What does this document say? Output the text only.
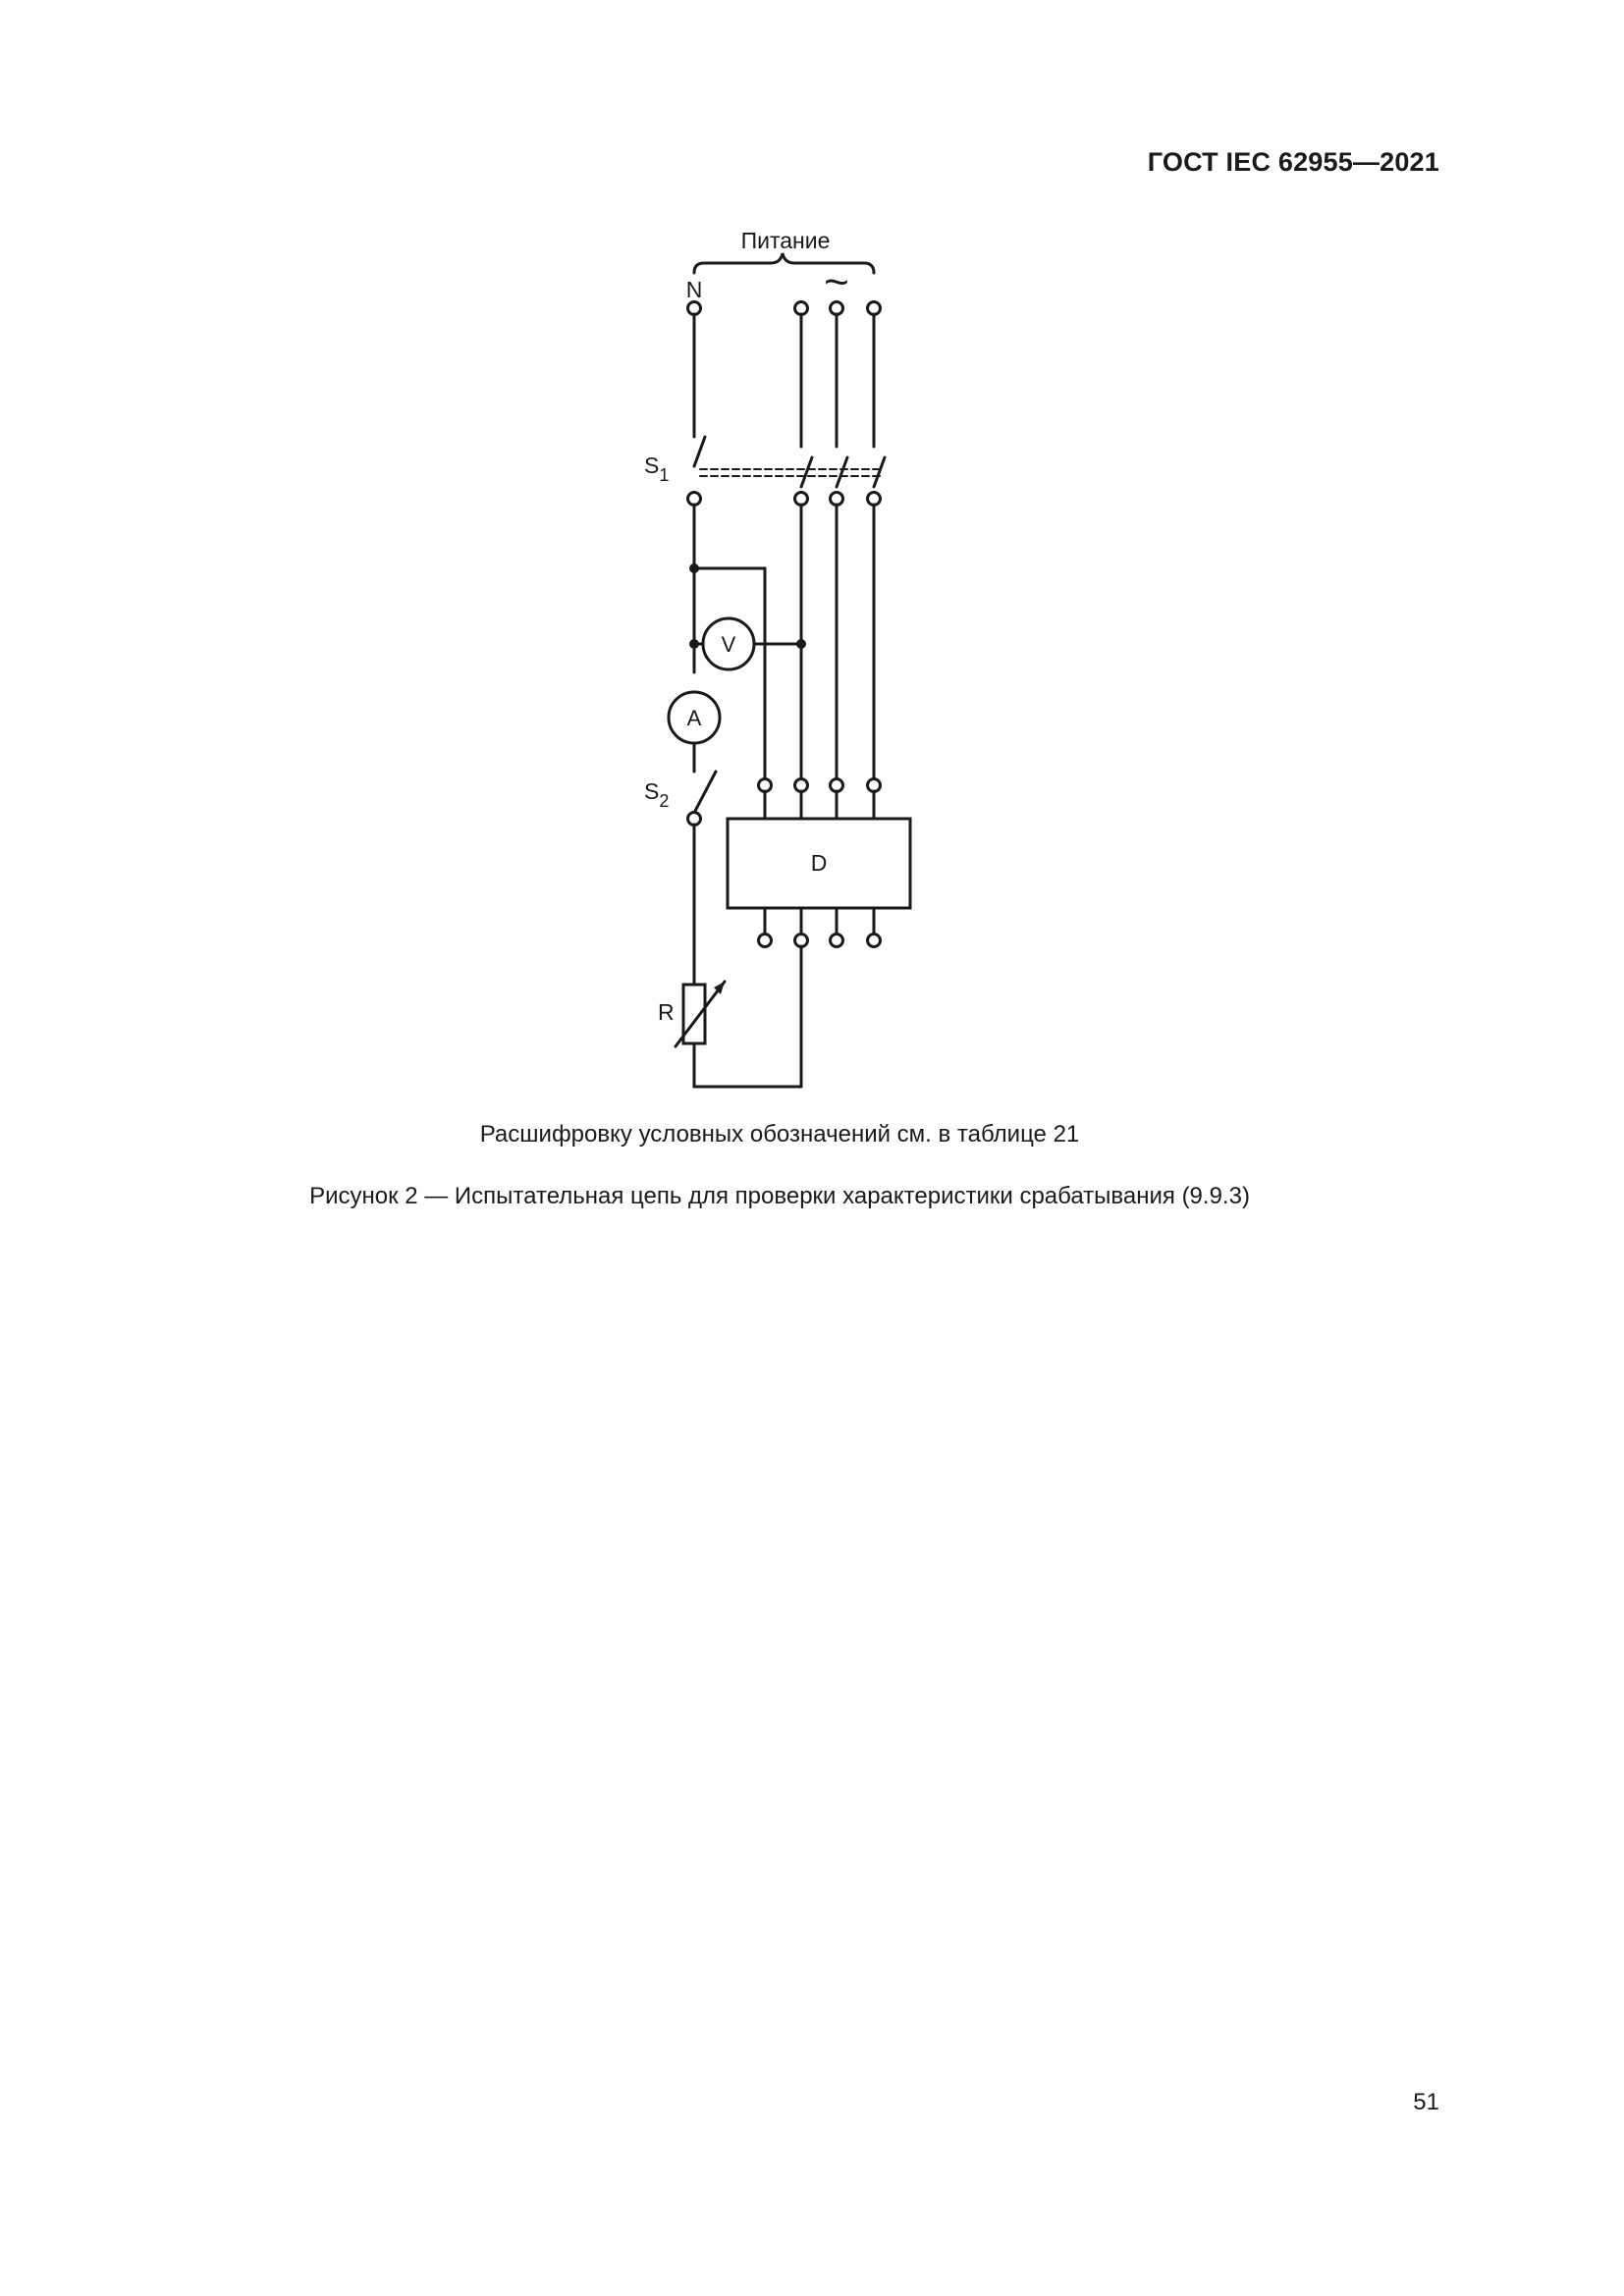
ГОСТ IEC 62955—2021
Питание
N	~
$S_1$
V
A
$S_2$
D
R
Расшифровку условных обозначений см. в таблице 21
Рисунок 2 — Испытательная цепь для проверки характеристики срабатывания (9.9.3)
51
